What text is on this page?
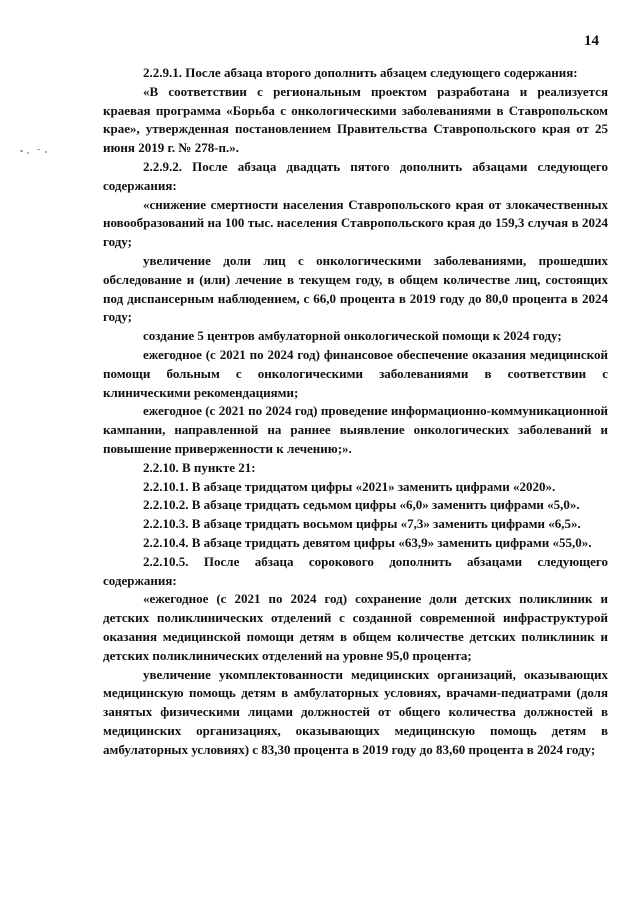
14

2.2.9.1. После абзаца второго дополнить абзацем следующего содержания:

«В соответствии с региональным проектом разработана и реализуется краевая программа «Борьба с онкологическими заболеваниями в Ставропольском крае», утвержденная постановлением Правительства Ставропольского края от 25 июня 2019 г. № 278-п.».

2.2.9.2. После абзаца двадцать пятого дополнить абзацами следующего содержания:

«снижение смертности населения Ставропольского края от злокачественных новообразований на 100 тыс. населения Ставропольского края до 159,3 случая в 2024 году;

увеличение доли лиц с онкологическими заболеваниями, прошедших обследование и (или) лечение в текущем году, в общем количестве лиц, состоящих под диспансерным наблюдением, с 66,0 процента в 2019 году до 80,0 процента в 2024 году;

создание 5 центров амбулаторной онкологической помощи к 2024 году;

ежегодное (с 2021 по 2024 год) финансовое обеспечение оказания медицинской помощи больным с онкологическими заболеваниями в соответствии с клиническими рекомендациями;

ежегодное (с 2021 по 2024 год) проведение информационно-коммуникационной кампании, направленной на раннее выявление онкологических заболеваний и повышение приверженности к лечению;».

2.2.10. В пункте 21:

2.2.10.1. В абзаце тридцатом цифры «2021» заменить цифрами «2020».

2.2.10.2. В абзаце тридцать седьмом цифры «6,0» заменить цифрами «5,0».

2.2.10.3. В абзаце тридцать восьмом цифры «7,3» заменить цифрами «6,5».

2.2.10.4. В абзаце тридцать девятом цифры «63,9» заменить цифрами «55,0».

2.2.10.5. После абзаца сорокового дополнить абзацами следующего содержания:

«ежегодное (с 2021 по 2024 год) сохранение доли детских поликлиник и детских поликлинических отделений с созданной современной инфраструктурой оказания медицинской помощи детям в общем количестве детских поликлиник и детских поликлинических отделений на уровне 95,0 процента;

увеличение укомплектованности медицинских организаций, оказывающих медицинскую помощь детям в амбулаторных условиях, врачами-педиатрами (доля занятых физическими лицами должностей от общего количества должностей в медицинских организациях, оказывающих медицинскую помощь детям в амбулаторных условиях) с 83,30 процента в 2019 году до 83,60 процента в 2024 году;
